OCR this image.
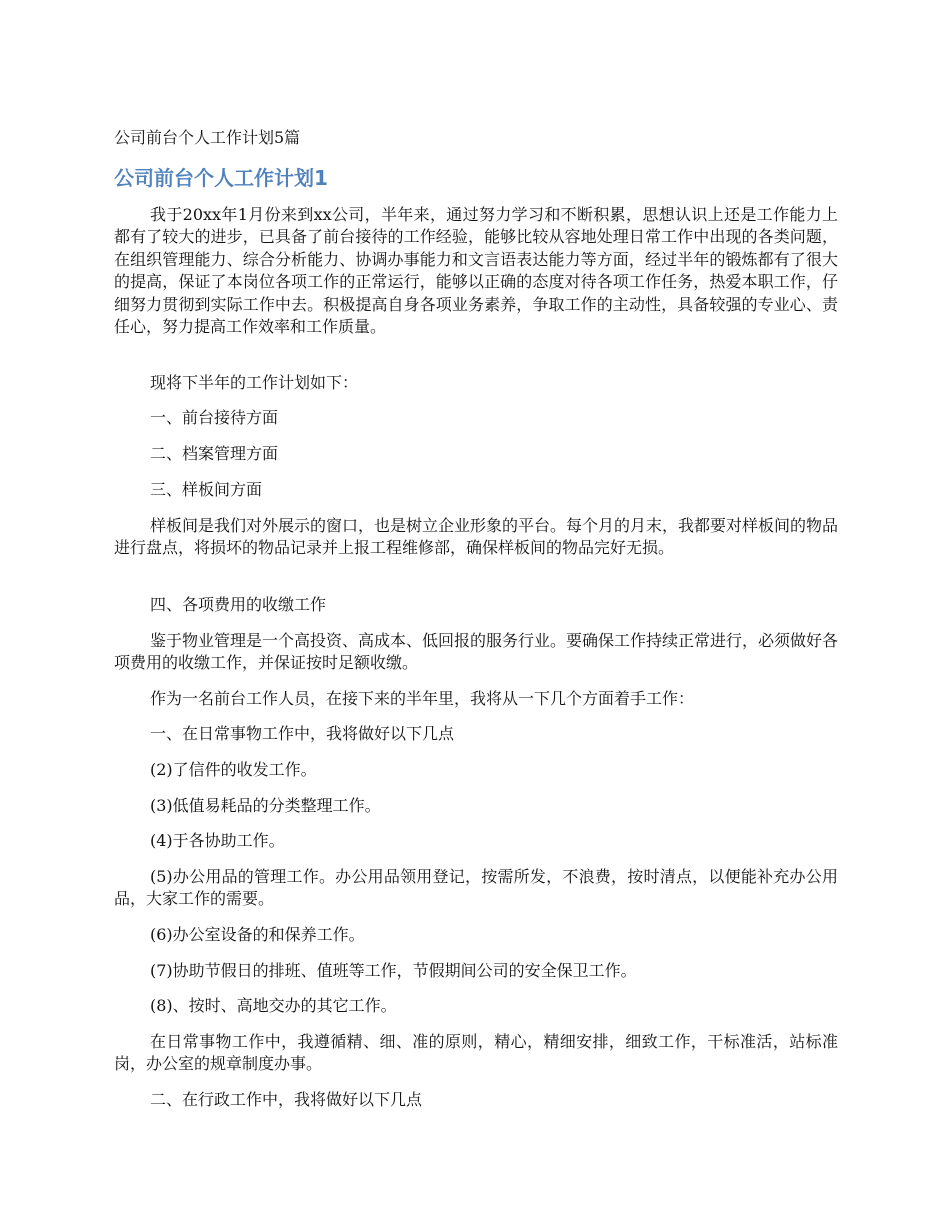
公司前台个人工作计划5篇
公司前台个人工作计划1

我于20xx年1月份来到xx公司，半年来，通过努力学习和不断积累，思想认识上还是工作能力上都有了较大的进步，已具备了前台接待的工作经验，能够比较从容地处理日常工作中出现的各类问题，在组织管理能力、综合分析能力、协调办事能力和文言语表达能力等方面，经过半年的锻炼都有了很大的提高，保证了本岗位各项工作的正常运行，能够以正确的态度对待各项工作任务，热爱本职工作，仔细努力贯彻到实际工作中去。积极提高自身各项业务素养，争取工作的主动性，具备较强的专业心、责任心，努力提高工作效率和工作质量。

现将下半年的工作计划如下：

一、前台接待方面

二、档案管理方面

三、样板间方面

样板间是我们对外展示的窗口，也是树立企业形象的平台。每个月的月末，我都要对样板间的物品进行盘点，将损坏的物品记录并上报工程维修部，确保样板间的物品完好无损。

四、各项费用的收缴工作

鉴于物业管理是一个高投资、高成本、低回报的服务行业。要确保工作持续正常进行，必须做好各项费用的收缴工作，并保证按时足额收缴。

作为一名前台工作人员，在接下来的半年里，我将从一下几个方面着手工作：

一、在日常事物工作中，我将做好以下几点

(2)了信件的收发工作。

(3)低值易耗品的分类整理工作。

(4)于各协助工作。

(5)办公用品的管理工作。办公用品领用登记，按需所发，不浪费，按时清点，以便能补充办公用品，大家工作的需要。

(6)办公室设备的和保养工作。

(7)协助节假日的排班、值班等工作，节假期间公司的安全保卫工作。

(8)、按时、高地交办的其它工作。

在日常事物工作中，我遵循精、细、准的原则，精心，精细安排，细致工作，干标准活，站标准岗，办公室的规章制度办事。

二、在行政工作中，我将做好以下几点
